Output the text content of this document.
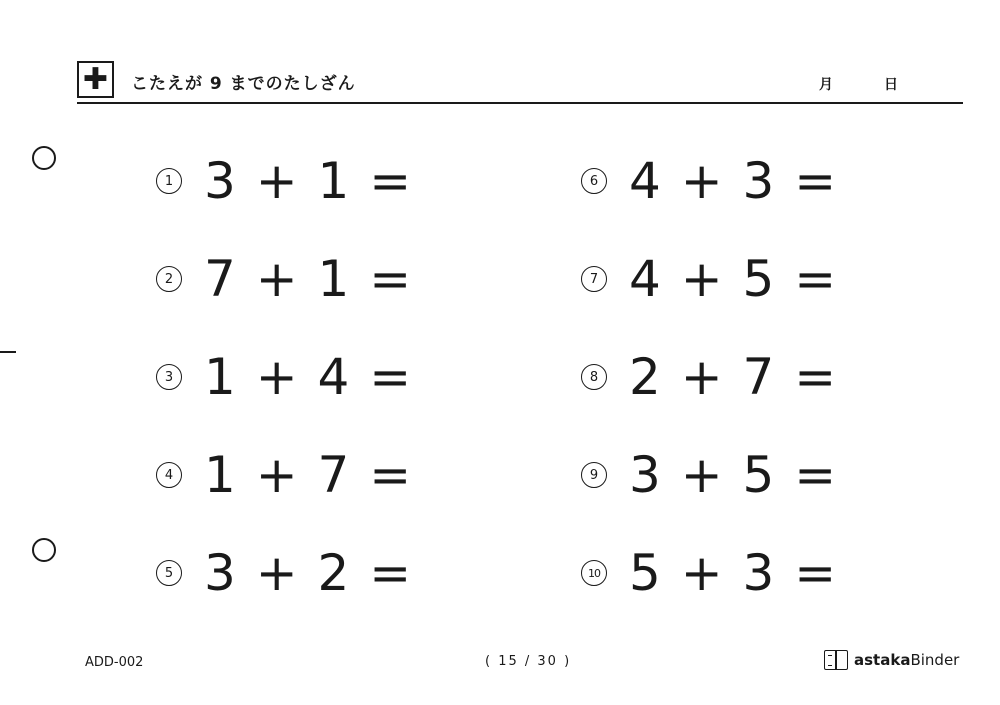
✚	こたえが 9 までのたしざん	月	日
1 3 + 1 =
2 7 + 1 =
3 1 + 4 =
4 1 + 7 =
5 3 + 2 =
6 4 + 3 =
7 4 + 5 =
8 2 + 7 =
9 3 + 5 =
10 5 + 3 =
ADD-002	( 15 / 30 )	astaka Binder
